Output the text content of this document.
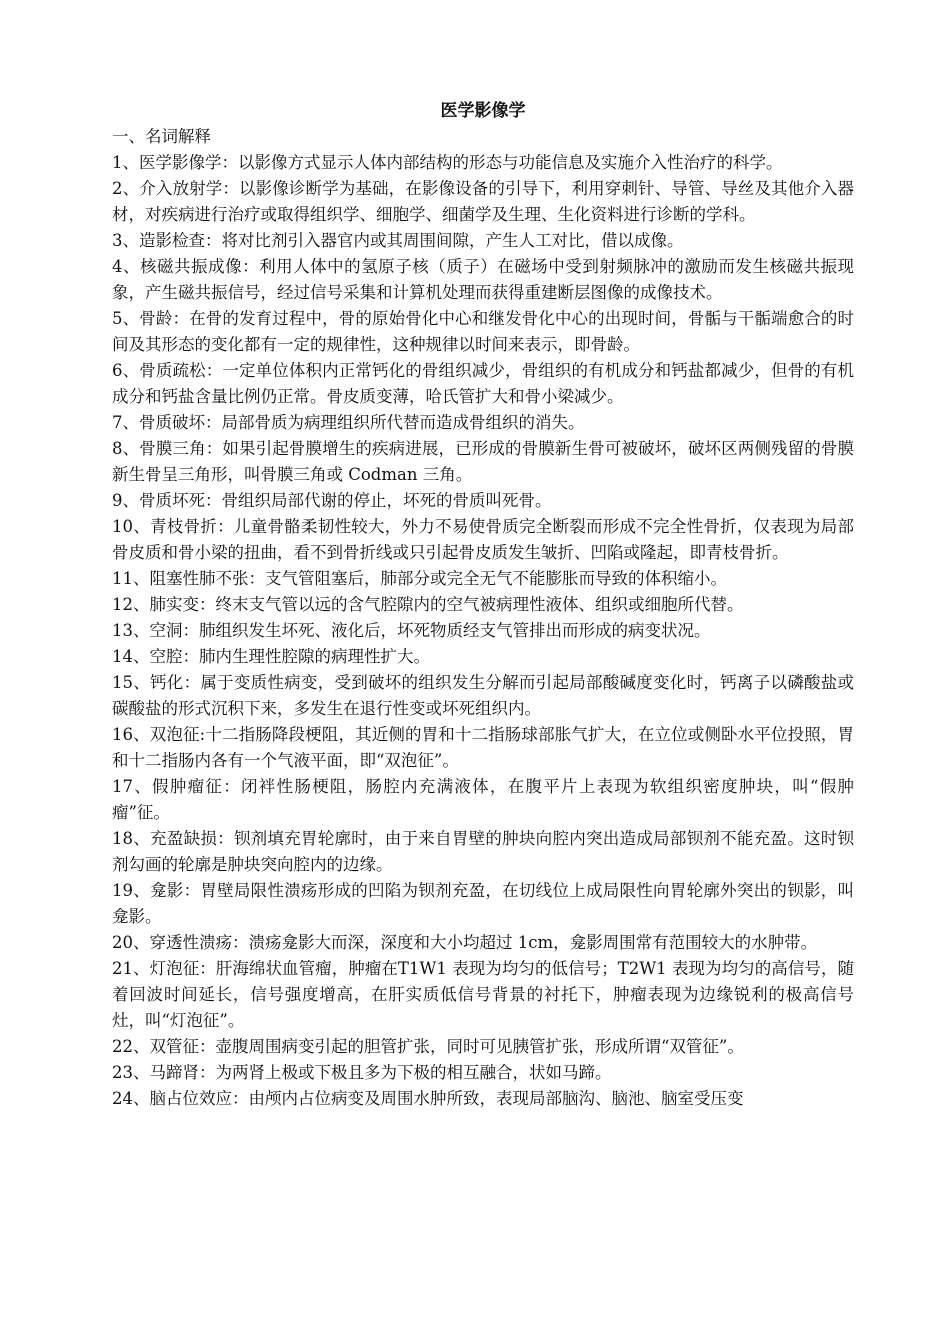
医学影像学

一、名词解释

1、医学影像学：以影像方式显示人体内部结构的形态与功能信息及实施介入性治疗的科学。

2、介入放射学：以影像诊断学为基础，在影像设备的引导下，利用穿刺针、导管、导丝及其他介入器材，对疾病进行治疗或取得组织学、细胞学、细菌学及生理、生化资料进行诊断的学科。

3、造影检查：将对比剂引入器官内或其周围间隙，产生人工对比，借以成像。

4、核磁共振成像：利用人体中的氢原子核（质子）在磁场中受到射频脉冲的激励而发生核磁共振现象，产生磁共振信号，经过信号采集和计算机处理而获得重建断层图像的成像技术。

5、骨龄：在骨的发育过程中，骨的原始骨化中心和继发骨化中心的出现时间，骨骺与干骺端愈合的时间及其形态的变化都有一定的规律性，这种规律以时间来表示，即骨龄。

6、骨质疏松：一定单位体积内正常钙化的骨组织减少，骨组织的有机成分和钙盐都减少，但骨的有机成分和钙盐含量比例仍正常。骨皮质变薄，哈氏管扩大和骨小梁减少。

7、骨质破坏：局部骨质为病理组织所代替而造成骨组织的消失。

8、骨膜三角：如果引起骨膜增生的疾病进展，已形成的骨膜新生骨可被破坏，破坏区两侧残留的骨膜新生骨呈三角形，叫骨膜三角或 Codman 三角。

9、骨质坏死：骨组织局部代谢的停止，坏死的骨质叫死骨。

10、青枝骨折：儿童骨骼柔韧性较大，外力不易使骨质完全断裂而形成不完全性骨折，仅表现为局部骨皮质和骨小梁的扭曲，看不到骨折线或只引起骨皮质发生皱折、凹陷或隆起，即青枝骨折。

11、阻塞性肺不张：支气管阻塞后，肺部分或完全无气不能膨胀而导致的体积缩小。

12、肺实变：终末支气管以远的含气腔隙内的空气被病理性液体、组织或细胞所代替。

13、空洞：肺组织发生坏死、液化后，坏死物质经支气管排出而形成的病变状况。

14、空腔：肺内生理性腔隙的病理性扩大。

15、钙化：属于变质性病变，受到破坏的组织发生分解而引起局部酸碱度变化时，钙离子以磷酸盐或碳酸盐的形式沉积下来，多发生在退行性变或坏死组织内。

16、双泡征:十二指肠降段梗阻，其近侧的胃和十二指肠球部胀气扩大，在立位或侧卧水平位投照，胃和十二指肠内各有一个气液平面，即“双泡征”。

17、假肿瘤征：闭袢性肠梗阻，肠腔内充满液体，在腹平片上表现为软组织密度肿块，叫“假肿瘤”征。

18、充盈缺损：钡剂填充胃轮廓时，由于来自胃壁的肿块向腔内突出造成局部钡剂不能充盈。这时钡剂勾画的轮廓是肿块突向腔内的边缘。

19、龛影：胃壁局限性溃疡形成的凹陷为钡剂充盈，在切线位上成局限性向胃轮廓外突出的钡影，叫龛影。

20、穿透性溃疡：溃疡龛影大而深，深度和大小均超过 1cm，龛影周围常有范围较大的水肿带。

21、灯泡征：肝海绵状血管瘤，肿瘤在T1W1 表现为均匀的低信号；T2W1 表现为均匀的高信号，随着回波时间延长，信号强度增高，在肝实质低信号背景的衬托下，肿瘤表现为边缘锐利的极高信号灶，叫“灯泡征”。

22、双管征：壶腹周围病变引起的胆管扩张，同时可见胰管扩张，形成所谓“双管征”。

23、马蹄肾：为两肾上极或下极且多为下极的相互融合，状如马蹄。

24、脑占位效应：由颅内占位病变及周围水肿所致，表现局部脑沟、脑池、脑室受压变
